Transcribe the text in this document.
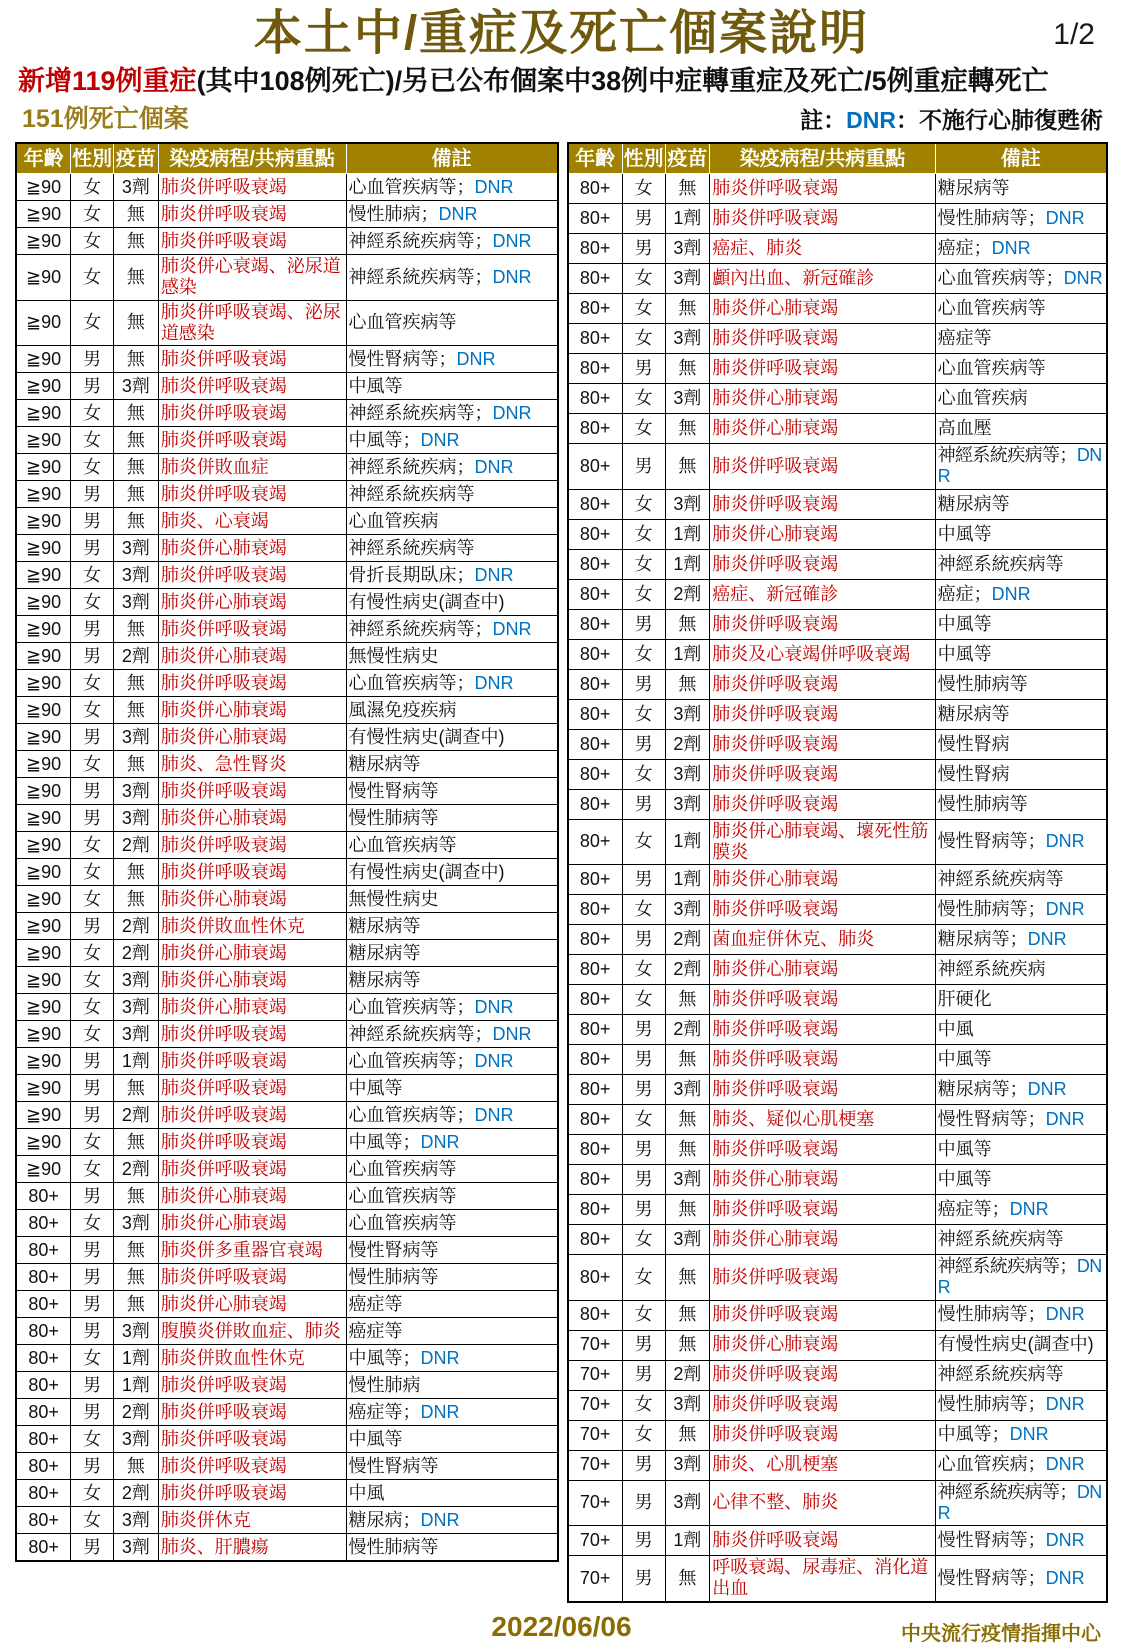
1/2
本土中/重症及死亡個案說明
新增119例重症(其中108例死亡)/另已公布個案中38例中症轉重症及死亡/5例重症轉死亡
151例死亡個案	註：DNR：不施行心肺復甦術
年齡	性別	疫苗	染疫病程/共病重點	備註
≧90	女	3劑	肺炎併呼吸衰竭	心血管疾病等；DNR
≧90	女	無	肺炎併呼吸衰竭	慢性肺病；DNR
≧90	女	無	肺炎併呼吸衰竭	神經系統疾病等；DNR
≧90	女	無	肺炎併心衰竭、泌尿道感染	神經系統疾病等；DNR
≧90	女	無	肺炎併呼吸衰竭、泌尿道感染	心血管疾病等
≧90	男	無	肺炎併呼吸衰竭	慢性腎病等；DNR
≧90	男	3劑	肺炎併呼吸衰竭	中風等
≧90	女	無	肺炎併呼吸衰竭	神經系統疾病等；DNR
≧90	女	無	肺炎併呼吸衰竭	中風等；DNR
≧90	女	無	肺炎併敗血症	神經系統疾病；DNR
≧90	男	無	肺炎併呼吸衰竭	神經系統疾病等
≧90	男	無	肺炎、心衰竭	心血管疾病
≧90	男	3劑	肺炎併心肺衰竭	神經系統疾病等
≧90	女	3劑	肺炎併呼吸衰竭	骨折長期臥床；DNR
≧90	女	3劑	肺炎併心肺衰竭	有慢性病史(調查中)
≧90	男	無	肺炎併呼吸衰竭	神經系統疾病等；DNR
≧90	男	2劑	肺炎併心肺衰竭	無慢性病史
≧90	女	無	肺炎併呼吸衰竭	心血管疾病等；DNR
≧90	女	無	肺炎併心肺衰竭	風濕免疫疾病
≧90	男	3劑	肺炎併心肺衰竭	有慢性病史(調查中)
≧90	女	無	肺炎、急性腎炎	糖尿病等
≧90	男	3劑	肺炎併呼吸衰竭	慢性腎病等
≧90	男	3劑	肺炎併心肺衰竭	慢性肺病等
≧90	女	2劑	肺炎併呼吸衰竭	心血管疾病等
≧90	女	無	肺炎併呼吸衰竭	有慢性病史(調查中)
≧90	女	無	肺炎併心肺衰竭	無慢性病史
≧90	男	2劑	肺炎併敗血性休克	糖尿病等
≧90	女	2劑	肺炎併心肺衰竭	糖尿病等
≧90	女	3劑	肺炎併心肺衰竭	糖尿病等
≧90	女	3劑	肺炎併心肺衰竭	心血管疾病等；DNR
≧90	女	3劑	肺炎併呼吸衰竭	神經系統疾病等；DNR
≧90	男	1劑	肺炎併呼吸衰竭	心血管疾病等；DNR
≧90	男	無	肺炎併呼吸衰竭	中風等
≧90	男	2劑	肺炎併呼吸衰竭	心血管疾病等；DNR
≧90	女	無	肺炎併呼吸衰竭	中風等；DNR
≧90	女	2劑	肺炎併呼吸衰竭	心血管疾病等
80+	男	無	肺炎併心肺衰竭	心血管疾病等
80+	女	3劑	肺炎併心肺衰竭	心血管疾病等
80+	男	無	肺炎併多重器官衰竭	慢性腎病等
80+	男	無	肺炎併呼吸衰竭	慢性肺病等
80+	男	無	肺炎併心肺衰竭	癌症等
80+	男	3劑	腹膜炎併敗血症、肺炎	癌症等
80+	女	1劑	肺炎併敗血性休克	中風等；DNR
80+	男	1劑	肺炎併呼吸衰竭	慢性肺病
80+	男	2劑	肺炎併呼吸衰竭	癌症等；DNR
80+	女	3劑	肺炎併呼吸衰竭	中風等
80+	男	無	肺炎併呼吸衰竭	慢性腎病等
80+	女	2劑	肺炎併呼吸衰竭	中風
80+	女	3劑	肺炎併休克	糖尿病；DNR
80+	男	3劑	肺炎、肝膿瘍	慢性肺病等
年齡	性別	疫苗	染疫病程/共病重點	備註
80+	女	無	肺炎併呼吸衰竭	糖尿病等
80+	男	1劑	肺炎併呼吸衰竭	慢性肺病等；DNR
80+	男	3劑	癌症、肺炎	癌症；DNR
80+	女	3劑	顱內出血、新冠確診	心血管疾病等；DNR
80+	女	無	肺炎併心肺衰竭	心血管疾病等
80+	女	3劑	肺炎併呼吸衰竭	癌症等
80+	男	無	肺炎併呼吸衰竭	心血管疾病等
80+	女	3劑	肺炎併心肺衰竭	心血管疾病
80+	女	無	肺炎併心肺衰竭	高血壓
80+	男	無	肺炎併呼吸衰竭	神經系統疾病等；DNR
80+	女	3劑	肺炎併呼吸衰竭	糖尿病等
80+	女	1劑	肺炎併心肺衰竭	中風等
80+	女	1劑	肺炎併呼吸衰竭	神經系統疾病等
80+	女	2劑	癌症、新冠確診	癌症；DNR
80+	男	無	肺炎併呼吸衰竭	中風等
80+	女	1劑	肺炎及心衰竭併呼吸衰竭	中風等
80+	男	無	肺炎併呼吸衰竭	慢性肺病等
80+	女	3劑	肺炎併呼吸衰竭	糖尿病等
80+	男	2劑	肺炎併呼吸衰竭	慢性腎病
80+	女	3劑	肺炎併呼吸衰竭	慢性腎病
80+	男	3劑	肺炎併呼吸衰竭	慢性肺病等
80+	女	1劑	肺炎併心肺衰竭、壞死性筋膜炎	慢性腎病等；DNR
80+	男	1劑	肺炎併心肺衰竭	神經系統疾病等
80+	女	3劑	肺炎併呼吸衰竭	慢性肺病等；DNR
80+	男	2劑	菌血症併休克、肺炎	糖尿病等；DNR
80+	女	2劑	肺炎併心肺衰竭	神經系統疾病
80+	女	無	肺炎併呼吸衰竭	肝硬化
80+	男	2劑	肺炎併呼吸衰竭	中風
80+	男	無	肺炎併呼吸衰竭	中風等
80+	男	3劑	肺炎併呼吸衰竭	糖尿病等；DNR
80+	女	無	肺炎、疑似心肌梗塞	慢性腎病等；DNR
80+	男	無	肺炎併呼吸衰竭	中風等
80+	男	3劑	肺炎併心肺衰竭	中風等
80+	男	無	肺炎併呼吸衰竭	癌症等；DNR
80+	女	3劑	肺炎併心肺衰竭	神經系統疾病等
80+	女	無	肺炎併呼吸衰竭	神經系統疾病等；DNR
80+	女	無	肺炎併呼吸衰竭	慢性肺病等；DNR
70+	男	無	肺炎併心肺衰竭	有慢性病史(調查中)
70+	男	2劑	肺炎併呼吸衰竭	神經系統疾病等
70+	女	3劑	肺炎併呼吸衰竭	慢性肺病等；DNR
70+	女	無	肺炎併呼吸衰竭	中風等；DNR
70+	男	3劑	肺炎、心肌梗塞	心血管疾病；DNR
70+	男	3劑	心律不整、肺炎	神經系統疾病等；DNR
70+	男	1劑	肺炎併呼吸衰竭	慢性腎病等；DNR
70+	男	無	呼吸衰竭、尿毒症、消化道出血	慢性腎病等；DNR
2022/06/06	中央流行疫情指揮中心
